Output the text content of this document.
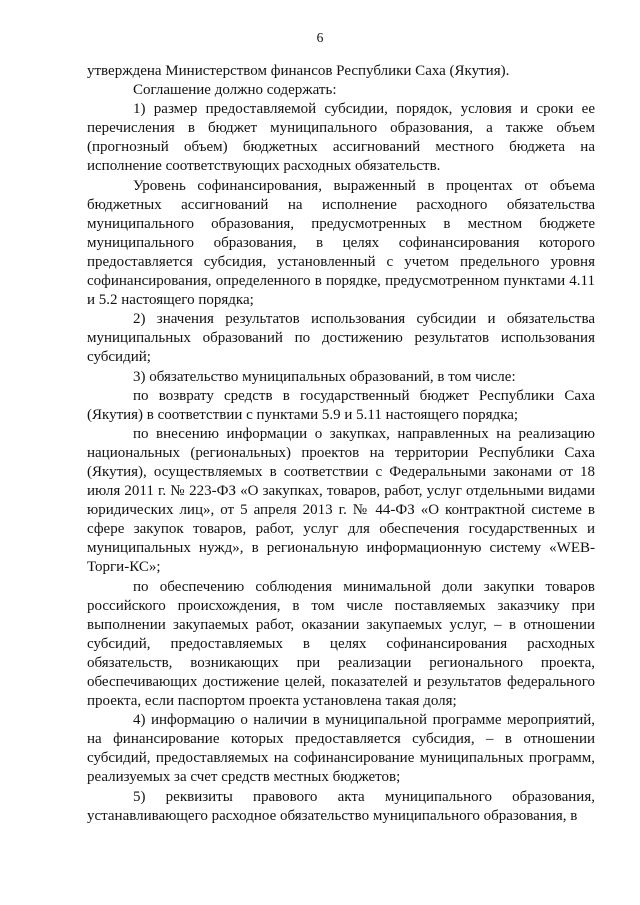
6

утверждена Министерством финансов Республики Саха (Якутия).

Соглашение должно содержать:

1) размер предоставляемой субсидии, порядок, условия и сроки ее перечисления в бюджет муниципального образования, а также объем (прогнозный объем) бюджетных ассигнований местного бюджета на исполнение соответствующих расходных обязательств.

Уровень софинансирования, выраженный в процентах от объема бюджетных ассигнований на исполнение расходного обязательства муниципального образования, предусмотренных в местном бюджете муниципального образования, в целях софинансирования которого предоставляется субсидия, установленный с учетом предельного уровня софинансирования, определенного в порядке, предусмотренном пунктами 4.11 и 5.2 настоящего порядка;

2) значения результатов использования субсидии и обязательства муниципальных образований по достижению результатов использования субсидий;

3) обязательство муниципальных образований, в том числе:

по возврату средств в государственный бюджет Республики Саха (Якутия) в соответствии с пунктами 5.9 и 5.11 настоящего порядка;

по внесению информации о закупках, направленных на реализацию национальных (региональных) проектов на территории Республики Саха (Якутия), осуществляемых в соответствии с Федеральными законами от 18 июля 2011 г. № 223-ФЗ «О закупках, товаров, работ, услуг отдельными видами юридических лиц», от 5 апреля 2013 г. № 44-ФЗ «О контрактной системе в сфере закупок товаров, работ, услуг для обеспечения государственных и муниципальных нужд», в региональную информационную систему «WEB-Торги-КС»;

по обеспечению соблюдения минимальной доли закупки товаров российского происхождения, в том числе поставляемых заказчику при выполнении закупаемых работ, оказании закупаемых услуг, – в отношении субсидий, предоставляемых в целях софинансирования расходных обязательств, возникающих при реализации регионального проекта, обеспечивающих достижение целей, показателей и результатов федерального проекта, если паспортом проекта установлена такая доля;

4) информацию о наличии в муниципальной программе мероприятий, на финансирование которых предоставляется субсидия, – в отношении субсидий, предоставляемых на софинансирование муниципальных программ, реализуемых за счет средств местных бюджетов;

5) реквизиты правового акта муниципального образования, устанавливающего расходное обязательство муниципального образования, в
